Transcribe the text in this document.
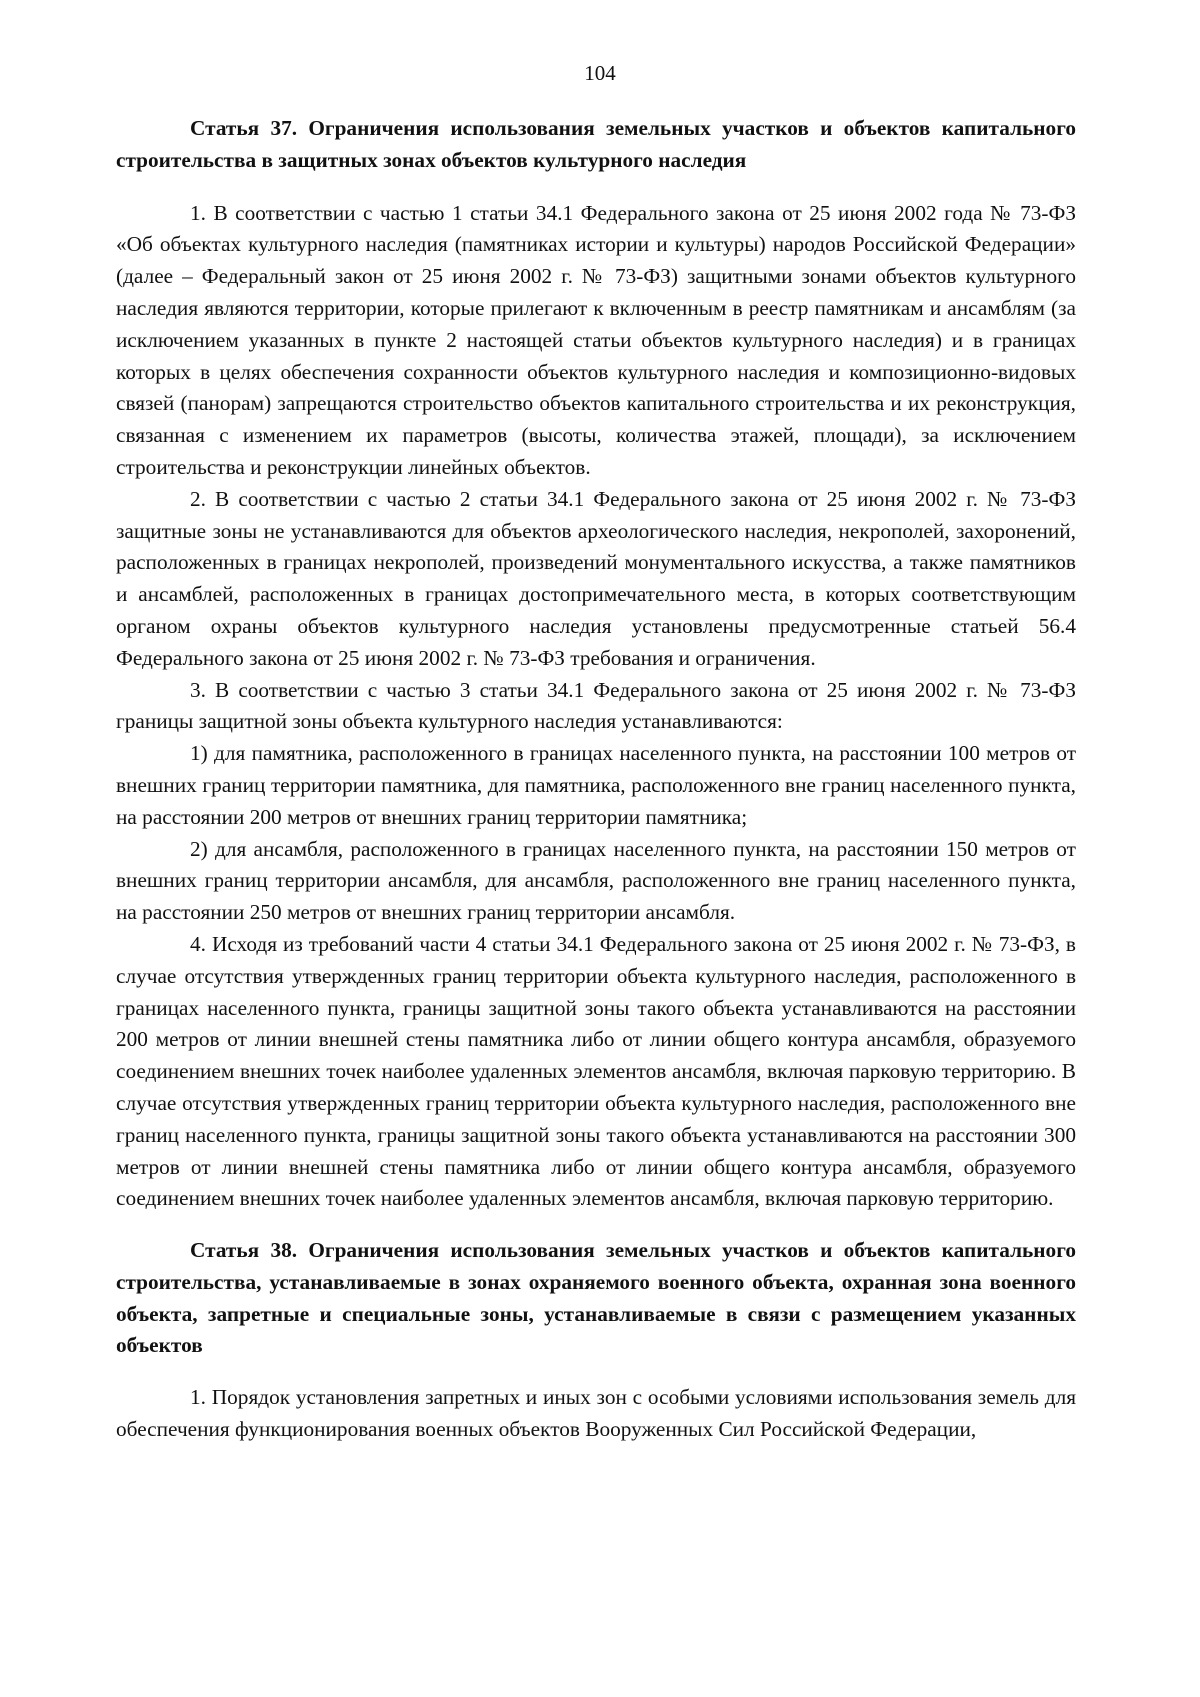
104
Статья 37. Ограничения использования земельных участков и объектов капитального строительства в защитных зонах объектов культурного наследия

1. В соответствии с частью 1 статьи 34.1 Федерального закона от 25 июня 2002 года № 73-ФЗ «Об объектах культурного наследия (памятниках истории и культуры) народов Российской Федерации» (далее – Федеральный закон от 25 июня 2002 г. № 73-ФЗ) защитными зонами объектов культурного наследия являются территории, которые прилегают к включенным в реестр памятникам и ансамблям (за исключением указанных в пункте 2 настоящей статьи объектов культурного наследия) и в границах которых в целях обеспечения сохранности объектов культурного наследия и композиционно-видовых связей (панорам) запрещаются строительство объектов капитального строительства и их реконструкция, связанная с изменением их параметров (высоты, количества этажей, площади), за исключением строительства и реконструкции линейных объектов.

2. В соответствии с частью 2 статьи 34.1 Федерального закона от 25 июня 2002 г. № 73-ФЗ защитные зоны не устанавливаются для объектов археологического наследия, некрополей, захоронений, расположенных в границах некрополей, произведений монументального искусства, а также памятников и ансамблей, расположенных в границах достопримечательного места, в которых соответствующим органом охраны объектов культурного наследия установлены предусмотренные статьей 56.4 Федерального закона от 25 июня 2002 г. № 73-ФЗ требования и ограничения.

3. В соответствии с частью 3 статьи 34.1 Федерального закона от 25 июня 2002 г. № 73-ФЗ границы защитной зоны объекта культурного наследия устанавливаются:

1) для памятника, расположенного в границах населенного пункта, на расстоянии 100 метров от внешних границ территории памятника, для памятника, расположенного вне границ населенного пункта, на расстоянии 200 метров от внешних границ территории памятника;

2) для ансамбля, расположенного в границах населенного пункта, на расстоянии 150 метров от внешних границ территории ансамбля, для ансамбля, расположенного вне границ населенного пункта, на расстоянии 250 метров от внешних границ территории ансамбля.

4. Исходя из требований части 4 статьи 34.1 Федерального закона от 25 июня 2002 г. № 73-ФЗ, в случае отсутствия утвержденных границ территории объекта культурного наследия, расположенного в границах населенного пункта, границы защитной зоны такого объекта устанавливаются на расстоянии 200 метров от линии внешней стены памятника либо от линии общего контура ансамбля, образуемого соединением внешних точек наиболее удаленных элементов ансамбля, включая парковую территорию. В случае отсутствия утвержденных границ территории объекта культурного наследия, расположенного вне границ населенного пункта, границы защитной зоны такого объекта устанавливаются на расстоянии 300 метров от линии внешней стены памятника либо от линии общего контура ансамбля, образуемого соединением внешних точек наиболее удаленных элементов ансамбля, включая парковую территорию.

Статья 38. Ограничения использования земельных участков и объектов капитального строительства, устанавливаемые в зонах охраняемого военного объекта, охранная зона военного объекта, запретные и специальные зоны, устанавливаемые в связи с размещением указанных объектов

1. Порядок установления запретных и иных зон с особыми условиями использования земель для обеспечения функционирования военных объектов Вооруженных Сил Российской Федерации,
